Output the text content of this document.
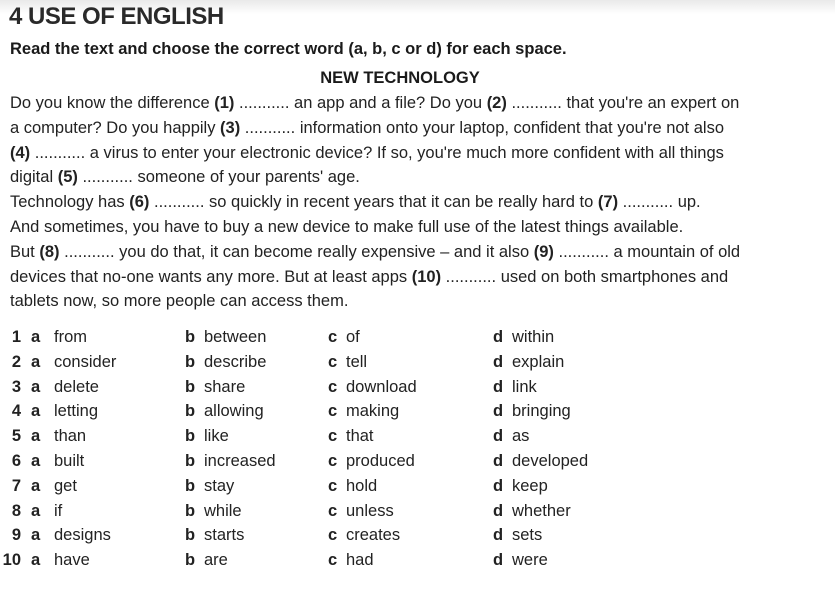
4 USE OF ENGLISH
Read the text and choose the correct word (a, b, c or d) for each space.
NEW TECHNOLOGY
Do you know the difference (1) ........... an app and a file? Do you (2) ........... that you're an expert on
a computer? Do you happily (3) ........... information onto your laptop, confident that you're not also
(4) ........... a virus to enter your electronic device? If so, you're much more confident with all things
digital (5) ........... someone of your parents' age.
Technology has (6) ........... so quickly in recent years that it can be really hard to (7) ........... up.
And sometimes, you have to buy a new device to make full use of the latest things available.
But (8) ........... you do that, it can become really expensive – and it also (9) ........... a mountain of old
devices that no-one wants any more. But at least apps (10) ........... used on both smartphones and
tablets now, so more people can access them.
1 a from	b between	c of	d within
2 a consider	b describe	c tell	d explain
3 a delete	b share	c download	d link
4 a letting	b allowing	c making	d bringing
5 a than	b like	c that	d as
6 a built	b increased	c produced	d developed
7 a get	b stay	c hold	d keep
8 a if	b while	c unless	d whether
9 a designs	b starts	c creates	d sets
10 a have	b are	c had	d were
